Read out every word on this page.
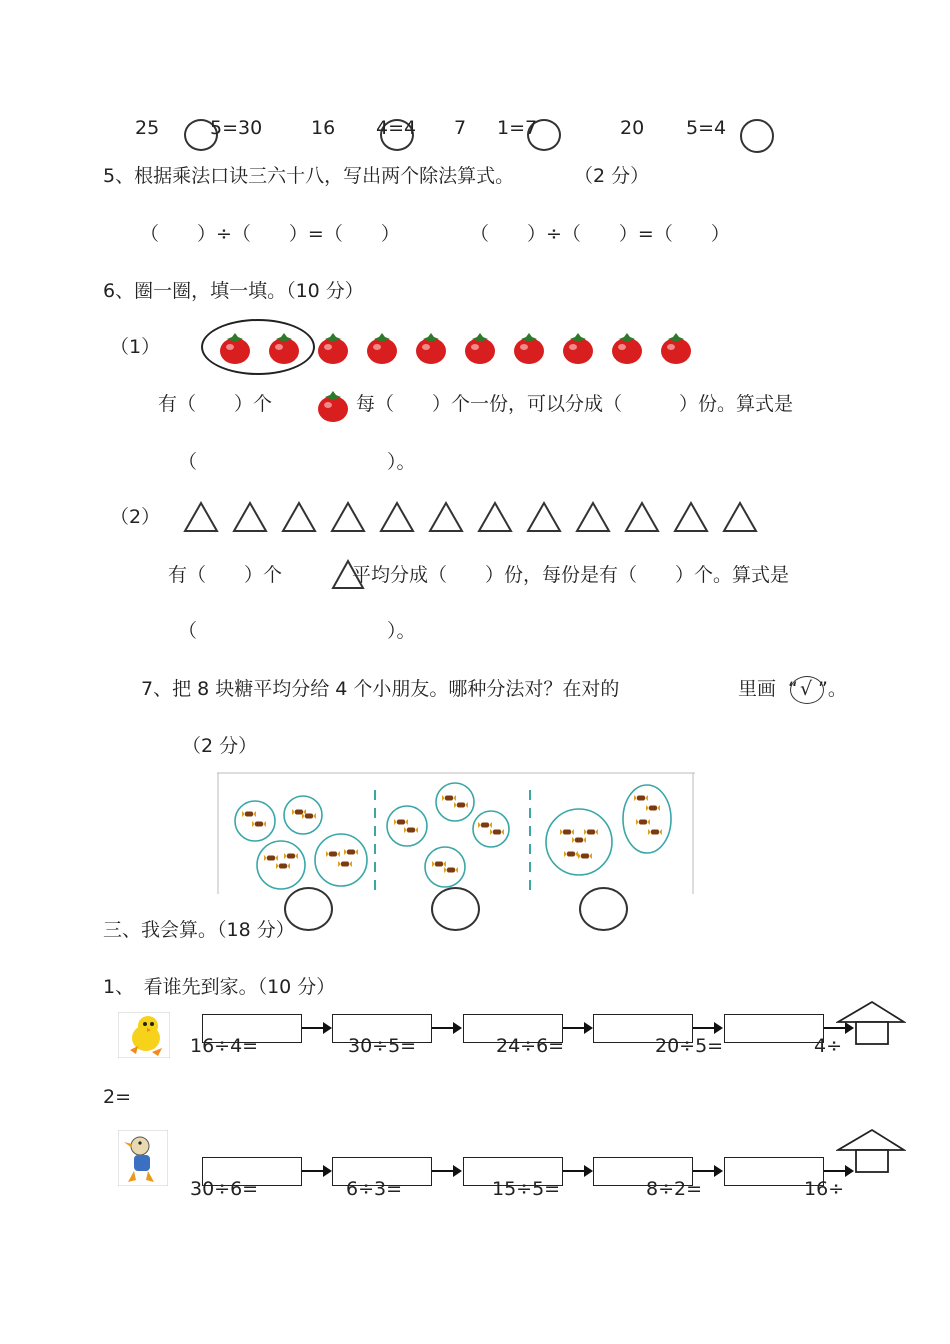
25	5=30	16 4=4 7 1=7	20 5=4
5、根据乘法口诀三六十八，写出两个除法算式。	（2 分）
（　　）÷（　　）=（　　）	（　　）÷（　　）=（　　）
6、圈一圈，填一填。（10 分）
（1）
有（　　）个	每（　　）个一份，可以分成（　　　）份。算式是
（　　　　　　　　　　）。
（2）
有（　　）个	平均分成（　　）份，每份是有（　　）个。算式是
（　　　　　　　　　　）。
7、把 8 块糖平均分给 4 个小朋友。哪种分法对？在对的	里画 “ √ ”。
（2 分）
三、我会算。（18 分）
1、　看谁先到家。（10 分）
16÷4=	30÷5=	24÷6=	20÷5=	4÷
2=
30÷6=	6÷3=	15÷5=	8÷2=	16÷
